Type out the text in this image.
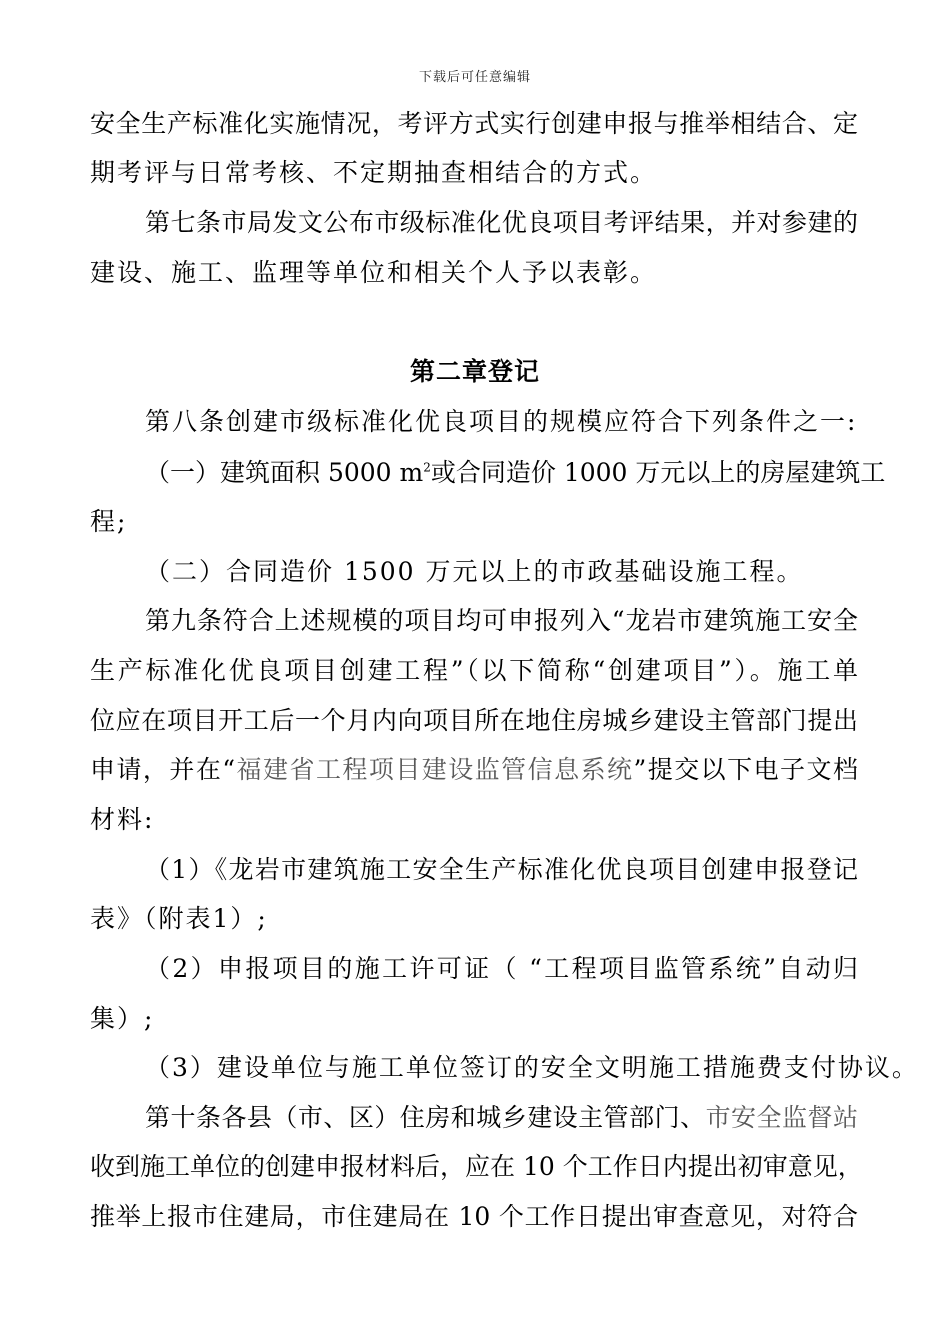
下载后可任意编辑
安全生产标准化实施情况，考评方式实行创建申报与推举相结合、定
期考评与日常考核、不定期抽查相结合的方式。
第七条市局发文公布市级标准化优良项目考评结果，并对参建的
建设、施工、监理等单位和相关个人予以表彰。
第二章登记
第八条创建市级标准化优良项目的规模应符合下列条件之一:
（一）建筑面积 5000 $m^2$或合同造价 1000 万元以上的房屋建筑工
程;
（二）合同造价 1500 万元以上的市政基础设施工程。
第九条符合上述规模的项目均可申报列入“龙岩市建筑施工安全
生产标准化优良项目创建工程”（以下简称“创建项目”）。施工单
位应在项目开工后一个月内向项目所在地住房城乡建设主管部门提出
申请，并在“福建省工程项目建设监管信息系统”提交以下电子文档
材料:
（1）《龙岩市建筑施工安全生产标准化优良项目创建申报登记
表》（附表1）;
（2）申报项目的施工许可证（ “工程项目监管系统”自动归
集）;
（3）建设单位与施工单位签订的安全文明施工措施费支付协议。
第十条各县（市、区）住房和城乡建设主管部门、市安全监督站
收到施工单位的创建申报材料后，应在 10 个工作日内提出初审意见，
推举上报市住建局，市住建局在 10 个工作日提出审查意见，对符合
